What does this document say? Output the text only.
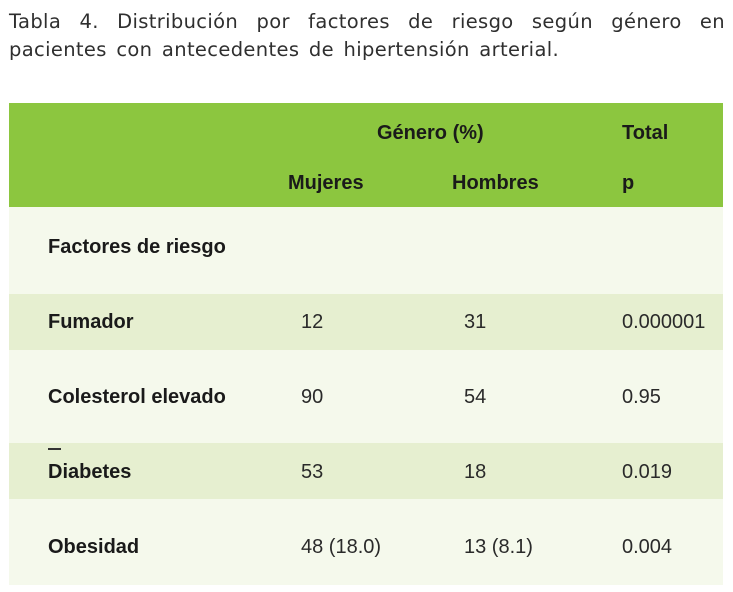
Tabla 4. Distribución por factores de riesgo según género en pacientes con antecedentes de hipertensión arterial.
Género (%)	Total
Mujeres	Hombres	p
Factores de riesgo
Fumador	12	31	0.000001
Colesterol elevado	90	54	0.95
Diabetes	53	18	0.019
Obesidad	48 (18.0)	13 (8.1)	0.004
